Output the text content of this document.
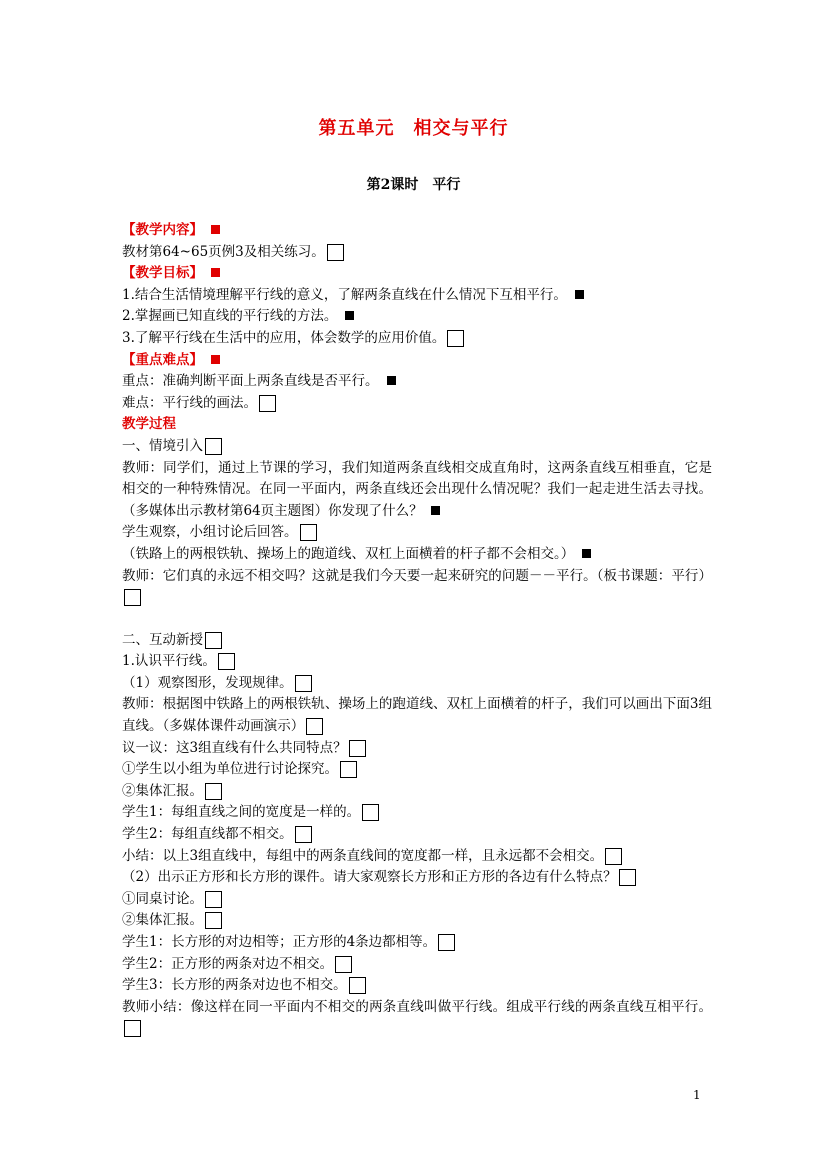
第五单元　相交与平行
第2课时　平行
【教学内容】
教材第64~65页例3及相关练习。
【教学目标】
1.结合生活情境理解平行线的意义，了解两条直线在什么情况下互相平行。
2.掌握画已知直线的平行线的方法。
3.了解平行线在生活中的应用，体会数学的应用价值。
【重点难点】
重点：准确判断平面上两条直线是否平行。
难点：平行线的画法。
教学过程
一、情境引入
教师：同学们，通过上节课的学习，我们知道两条直线相交成直角时，这两条直线互相垂直，它是相交的一种特殊情况。在同一平面内，两条直线还会出现什么情况呢？我们一起走进生活去寻找。（多媒体出示教材第64页主题图）你发现了什么？
学生观察，小组讨论后回答。
（铁路上的两根铁轨、操场上的跑道线、双杠上面横着的杆子都不会相交。）
教师：它们真的永远不相交吗？这就是我们今天要一起来研究的问题－－平行。（板书课题：平行）
二、互动新授
1.认识平行线。
（1）观察图形，发现规律。
教师：根据图中铁路上的两根铁轨、操场上的跑道线、双杠上面横着的杆子，我们可以画出下面3组直线。（多媒体课件动画演示）
议一议：这3组直线有什么共同特点？
①学生以小组为单位进行讨论探究。
②集体汇报。
学生1：每组直线之间的宽度是一样的。
学生2：每组直线都不相交。
小结：以上3组直线中，每组中的两条直线间的宽度都一样，且永远都不会相交。
（2）出示正方形和长方形的课件。请大家观察长方形和正方形的各边有什么特点？
①同桌讨论。
②集体汇报。
学生1：长方形的对边相等；正方形的4条边都相等。
学生2：正方形的两条对边不相交。
学生3：长方形的两条对边也不相交。
教师小结：像这样在同一平面内不相交的两条直线叫做平行线。组成平行线的两条直线互相平行。
1
